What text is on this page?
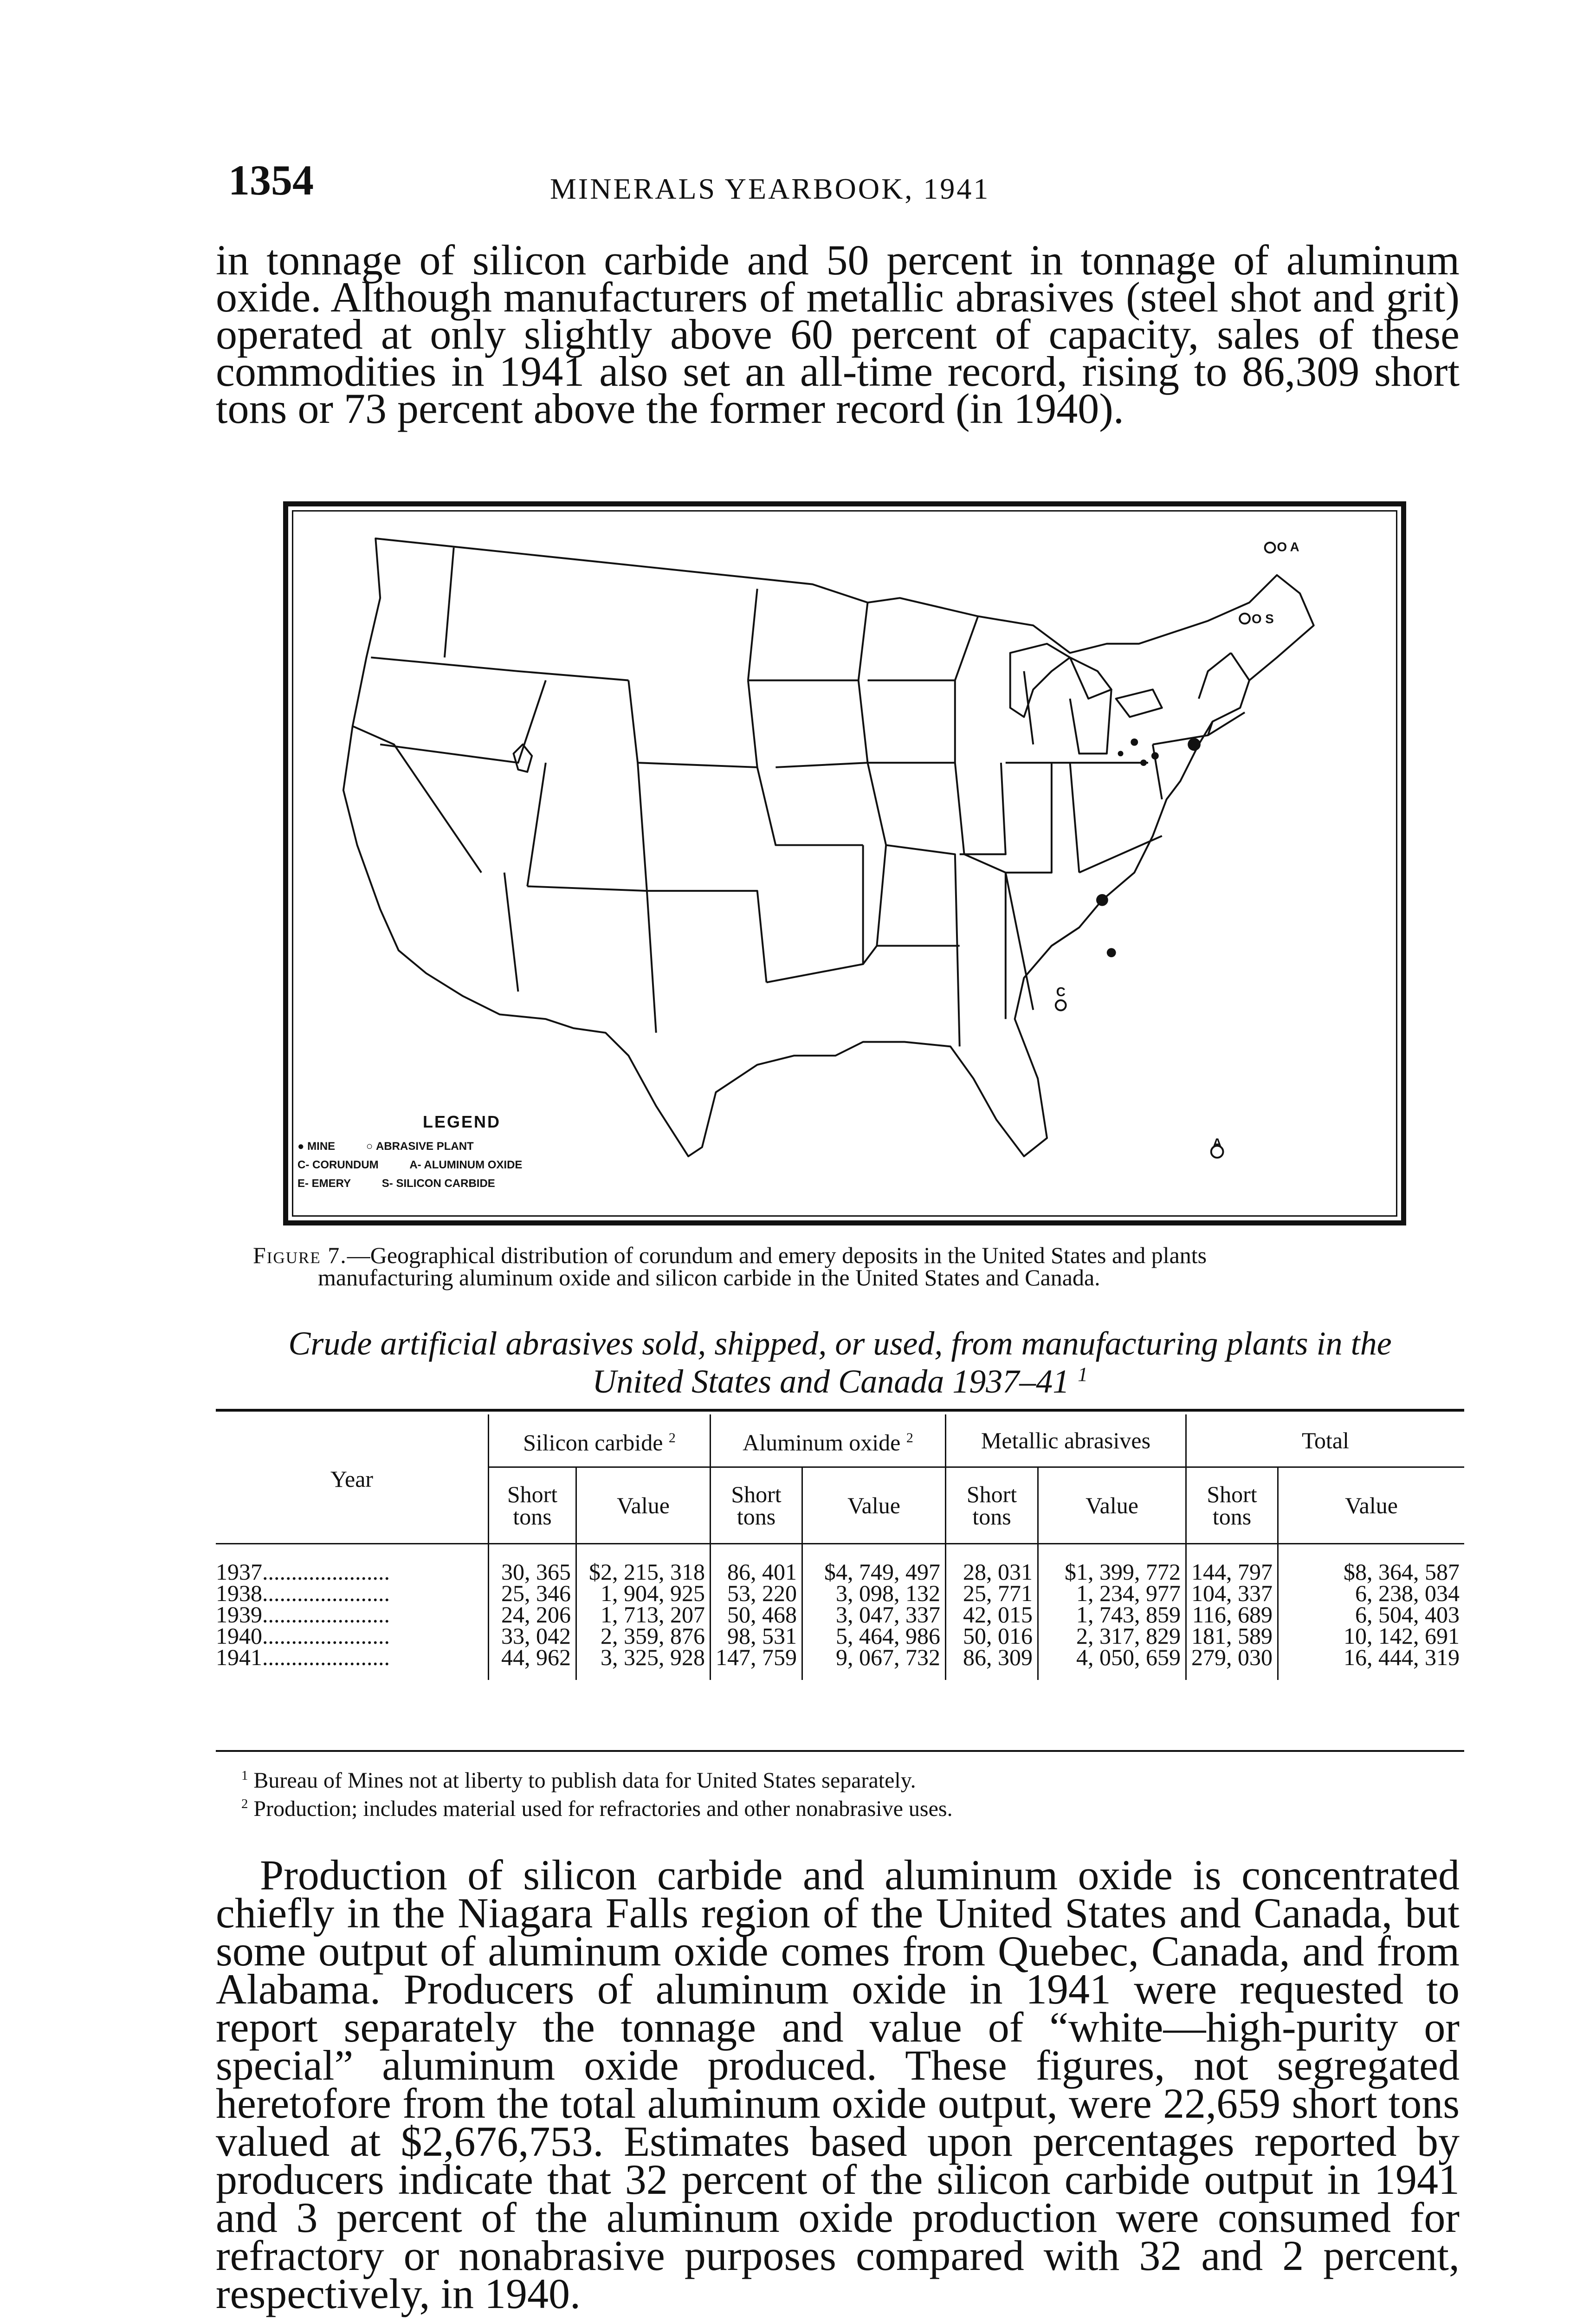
1354	MINERALS YEARBOOK, 1941

in tonnage of silicon carbide and 50 percent in tonnage of aluminum oxide. Although manufacturers of metallic abrasives (steel shot and grit) operated at only slightly above 60 percent of capacity, sales of these commodities in 1941 also set an all-time record, rising to 86,309 short tons or 73 percent above the former record (in 1940).

O A
O S
C
A
LEGEND
● MINE	○ ABRASIVE PLANT
C- CORUNDUM	A- ALUMINUM OXIDE
E- EMERY	S- SILICON CARBIDE

Figure 7.—Geographical distribution of corundum and emery deposits in the United States and plants
manufacturing aluminum oxide and silicon carbide in the United States and Canada.

Crude artificial abrasives sold, shipped, or used, from manufacturing plants in the
United States and Canada 1937–41 $^1$

Year	Silicon carbide $^2$		Aluminum oxide $^2$		Metallic abrasives		Total	
	Short tons	Value	Short tons	Value	Short tons	Value	Short tons	Value
1937......................	30, 365	$2, 215, 318	86, 401	$4, 749, 497	28, 031	$1, 399, 772	144, 797	$8, 364, 587
1938......................	25, 346	1, 904, 925	53, 220	3, 098, 132	25, 771	1, 234, 977	104, 337	6, 238, 034
1939......................	24, 206	1, 713, 207	50, 468	3, 047, 337	42, 015	1, 743, 859	116, 689	6, 504, 403
1940......................	33, 042	2, 359, 876	98, 531	5, 464, 986	50, 016	2, 317, 829	181, 589	10, 142, 691
1941......................	44, 962	3, 325, 928	147, 759	9, 067, 732	86, 309	4, 050, 659	279, 030	16, 444, 319
$^1$ Bureau of Mines not at liberty to publish data for United States separately.
$^2$ Production; includes material used for refractories and other nonabrasive uses.

Production of silicon carbide and aluminum oxide is concentrated chiefly in the Niagara Falls region of the United States and Canada, but some output of aluminum oxide comes from Quebec, Canada, and from Alabama. Producers of aluminum oxide in 1941 were requested to report separately the tonnage and value of “white—high-purity or special” aluminum oxide produced. These figures, not segregated heretofore from the total aluminum oxide output, were 22,659 short tons valued at $2,676,753. Estimates based upon percentages reported by producers indicate that 32 percent of the silicon carbide output in 1941 and 3 percent of the aluminum oxide production were consumed for refractory or nonabrasive purposes compared with 32 and 2 percent, respectively, in 1940.
